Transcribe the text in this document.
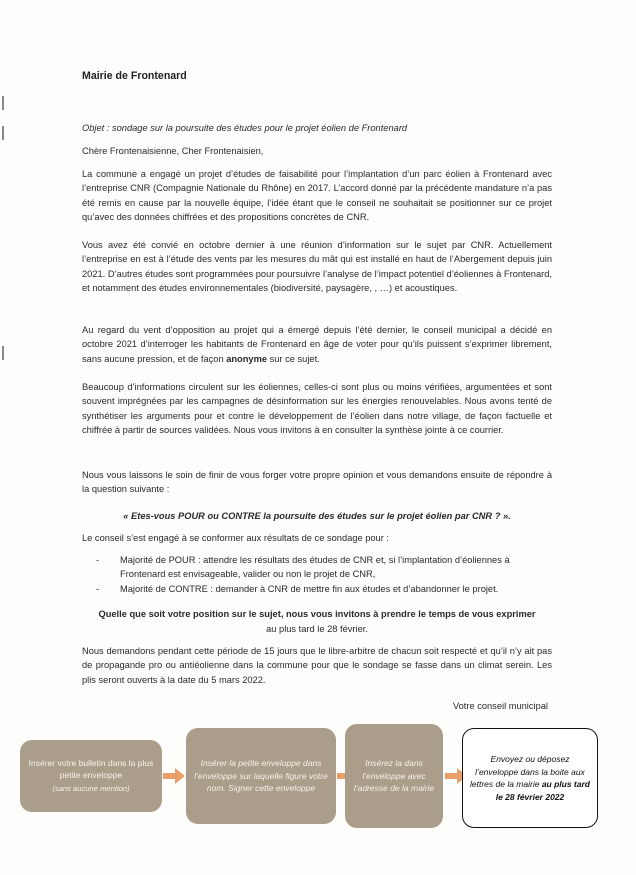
Mairie de Frontenard

Objet : sondage sur la poursuite des études pour le projet éolien de Frontenard

Chère Frontenaisienne, Cher Frontenaisien,

La commune a engagé un projet d’études de faisabilité pour l’implantation d’un parc éolien à Frontenard avec l’entreprise CNR (Compagnie Nationale du Rhône) en 2017. L’accord donné par la précédente mandature n’a pas été remis en cause par la nouvelle équipe, l’idée étant que le conseil ne souhaitait se positionner sur ce projet qu’avec des données chiffrées et des propositions concrètes de CNR.

Vous avez été convié en octobre dernier à une réunion d’information sur le sujet par CNR. Actuellement l’entreprise en est à l’étude des vents par les mesures du mât qui est installé en haut de l’Abergement depuis juin 2021. D’autres études sont programmées pour poursuivre l’analyse de l’impact potentiel d’éoliennes à Frontenard, et notamment des études environnementales (biodiversité, paysagère, , …) et acoustiques.

Au regard du vent d’opposition au projet qui a émergé depuis l’été dernier, le conseil municipal a décidé en octobre 2021 d’interroger les habitants de Frontenard en âge de voter pour qu’ils puissent s’exprimer librement, sans aucune pression, et de façon anonyme sur ce sujet.

Beaucoup d’informations circulent sur les éoliennes, celles-ci sont plus ou moins vérifiées, argumentées et sont souvent imprégnées par les campagnes de désinformation sur les énergies renouvelables. Nous avons tenté de synthétiser les arguments pour et contre le développement de l’éolien dans notre village, de façon factuelle et chiffrée à partir de sources validées. Nous vous invitons à en consulter la synthèse jointe à ce courrier.

Nous vous laissons le soin de finir de vous forger votre propre opinion et vous demandons ensuite de répondre à la question suivante :

« Etes-vous POUR ou CONTRE la poursuite des études sur le projet éolien par CNR ? ».

Le conseil s’est engagé à se conformer aux résultats de ce sondage pour :

- Majorité de POUR : attendre les résultats des études de CNR et, si l’implantation d’éoliennes à Frontenard est envisageable, valider ou non le projet de CNR,
- Majorité de CONTRE : demander à CNR de mettre fin aux études et d’abandonner le projet.

Quelle que soit votre position sur le sujet, nous vous invitons à prendre le temps de vous exprimer

au plus tard le 28 février.

Nous demandons pendant cette période de 15 jours que le libre-arbitre de chacun soit respecté et qu’il n’y ait pas de propagande pro ou antiéolienne dans la commune pour que le sondage se fasse dans un climat serein. Les plis seront ouverts à la date du 5 mars 2022.

Votre conseil municipal
Insérer votre bulletin dans la plus petite enveloppe
(sans aucune mention)
Insérer la petite enveloppe dans l’enveloppe sur laquelle figure votre nom. Signer cette enveloppe
Insérez la dans l’enveloppe avec l’adresse de la mairie
Envoyez ou déposez l’enveloppe dans la boite aux lettres de la mairie au plus tard le 28 février 2022
